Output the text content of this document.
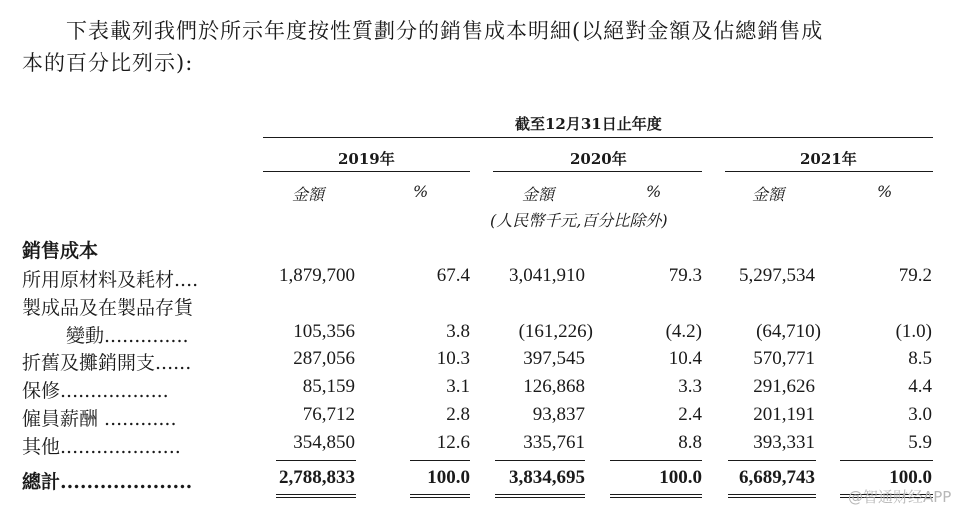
下表載列我們於所示年度按性質劃分的銷售成本明細(以絕對金額及佔總銷售成
本的百分比列示):
截至12月31日止年度
2019年	2020年	2021年
金額	%	金額	%	金額	%
(人民幣千元,百分比除外)
銷售成本
所用原材料及耗材....	1,879,700	67.4 3,041,910	79.3 5,297,534	79.2
製成品及在製品存貨
變動..............	105,356	3.8	(161,226)	(4.2)	(64,710)	(1.0)
折舊及攤銷開支......	287,056	10.3	397,545	10.4	570,771	8.5
保修..................	85,159	3.1	126,868	3.3	291,626	4.4
僱員薪酬 ............	76,712	2.8	93,837	2.4	201,191	3.0
其他....................	354,850	12.6	335,761	8.8	393,331	5.9
總計....................	2,788,833	100.0 3,834,695	100.0 6,689,743	100.0
@智通财经APP
